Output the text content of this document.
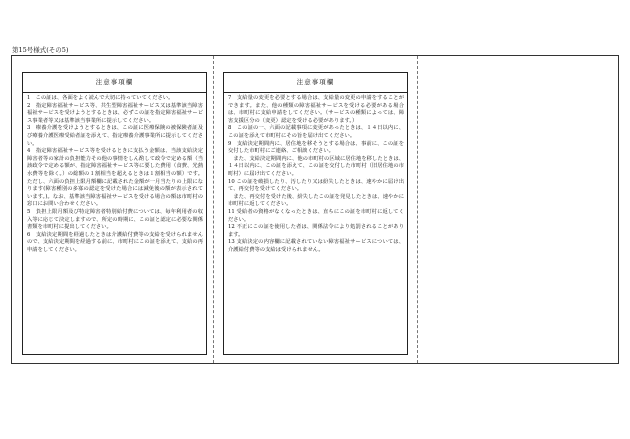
第15号様式(その5)
注意事項欄

1　この証は、各面をよく読んで大切に持っていてください。

2　指定障害福祉サービス等、共生型障害福祉サービス又は基準該当障害福祉サービスを受けようとするときは、必ずこの証を指定障害福祉サービス事業者等又は基準該当事業所に提示してください。

3　療養介護を受けようとするときは、この証に医療保険の被保険者証及び療養介護医療受給者証を添えて、指定療養介護事業所に提示してください。

4　指定障害福祉サービス等を受けるときに支払う金額は、当該支給決定障害者等の家計の負担能力その他の事情をしん酌して政令で定める額（当該政令で定める額が、指定障害福祉サービス等に要した費用（食費、光熱水費等を除く。）の総額の１割相当を超えるときは１割相当の額）です。ただし、六面の負担上限月額欄に記載された金額が一月当たりの上限になります(障害種別の多寡の認定を受けた場合には減免後の額が表示されています。)。なお、基準該当障害福祉サービスを受ける場合の額は市町村の窓口にお問い合わせください。

5　負担上限月額及び特定障害者特別給付費については、毎年利用者の収入等に応じて決定しますので、所定の時期に、この証と認定に必要な関係書類を市町村に提出してください。

6　支給決定期間を経過したときは介護給付費等の支給を受けられませんので、支給決定期間を経過する前に、市町村にこの証を添えて、支給の再申請をしてください。

注意事項欄

7　支給量の変更を必要とする場合は、支給量の変更の申請をすることができます。また、他の種類の障害福祉サービスを受ける必要がある場合は、市町村に支給申請をしてください。（サービスの種類によっては、障害支援区分の（変更）認定を受ける必要があります。）

8　この証の一、六面の記載事項に変更があったときは、１４日以内に、この証を添えて市町村にその旨を届け出てください。

9　支給決定期間内に、居住地を移そうとする場合は、事前に、この証を交付した市町村にご連絡、ご相談ください。

　また、支給決定期間内に、他の市町村の区域に居住地を移したときは、１４日以内に、この証を添えて、この証を交付した市町村（旧居住地の市町村）に届け出てください。

10 この証を破損したり、汚したり又は紛失したときは、速やかに届け出て、再交付を受けてください。

　また、再交付を受けた後、紛失したこの証を発見したときは、速やかに市町村に返してください。

11 受給者の資格がなくなったときは、直ちにこの証を市町村に返してください。

12 不正にこの証を使用した者は、関係法令により処罰されることがあります。

13 支給決定の内容欄に記載されていない障害福祉サービスについては、介護給付費等の支給は受けられません。
